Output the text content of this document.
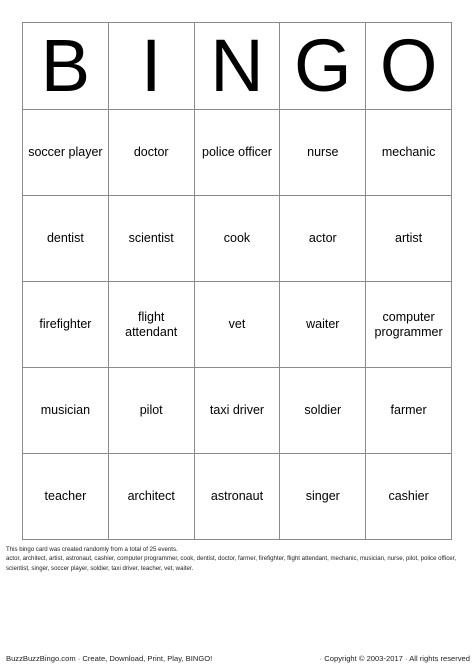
B	I	N	G	O
soccer player	doctor	police officer	nurse	mechanic
dentist	scientist	cook	actor	artist
firefighter	flight attendant	vet	waiter	computer programmer
musician	pilot	taxi driver	soldier	farmer
teacher	architect	astronaut	singer	cashier

This bingo card was created randomly from a total of 25 events.

actor, architect, artist, astronaut, cashier, computer programmer, cook, dentist, doctor, farmer, firefighter, flight attendant, mechanic, musician, nurse, pilot, police officer, scientist, singer, soccer player, soldier, taxi driver, teacher, vet, waiter.

BuzzBuzzBingo.com · Create, Download, Print, Play, BINGO!	· Copyright © 2003-2017 · All rights reserved
